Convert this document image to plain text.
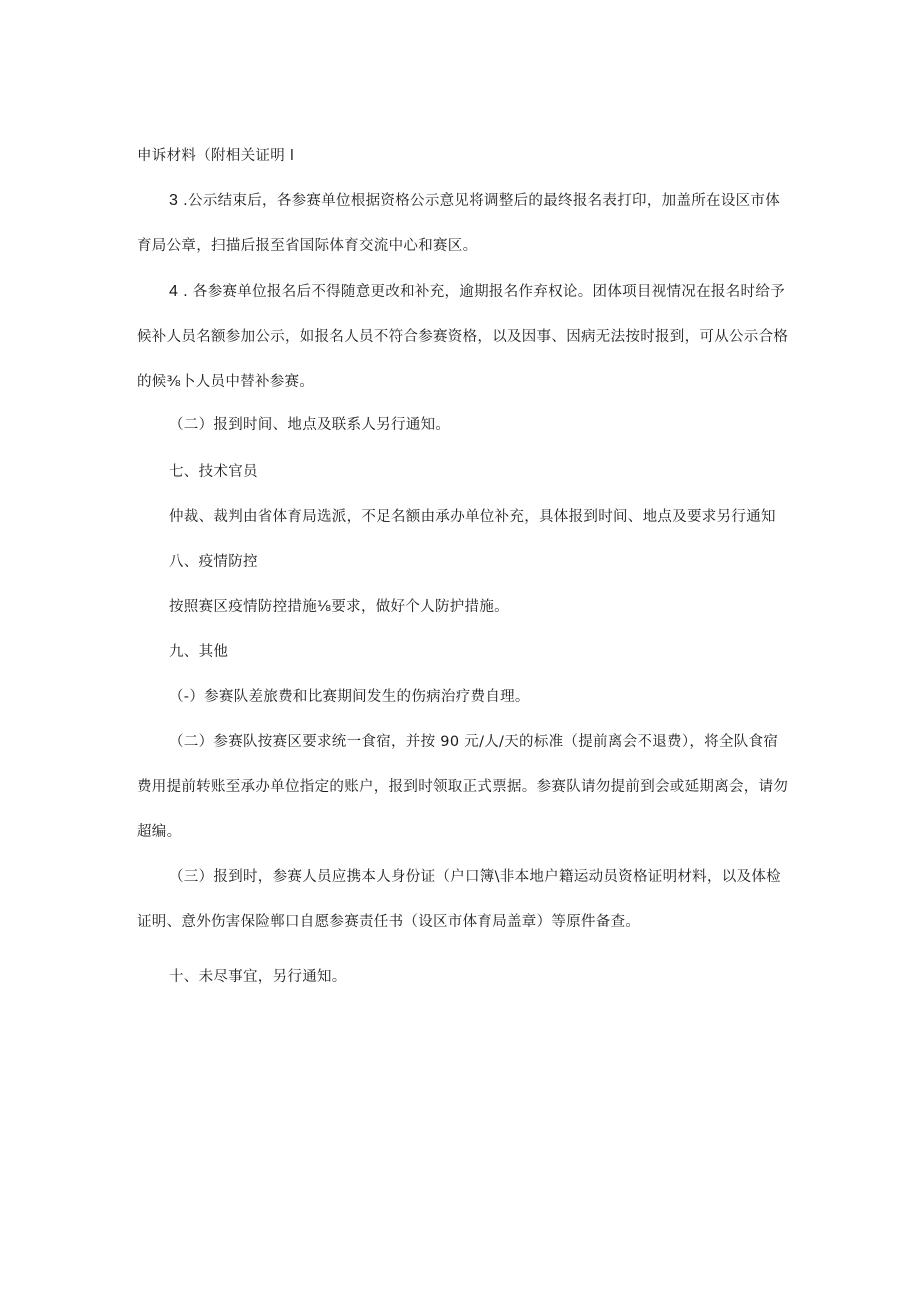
申诉材料（附相关证明 l
3 .公示结束后，各参赛单位根据资格公示意见将调整后的最终报名表打印，加盖所在设区市体
育局公章，扫描后报至省国际体育交流中心和赛区。
4 . 各参赛单位报名后不得随意更改和补充，逾期报名作弃权论。团体项目视情况在报名时给予
候补人员名额参加公示，如报名人员不符合参赛资格，以及因事、因病无法按时报到，可从公示合格
的候⅜卜人员中替补参赛。
（二）报到时间、地点及联系人另行通知。
七、技术官员
仲裁、裁判由省体育局选派，不足名额由承办单位补充，具体报到时间、地点及要求另行通知
八、疫情防控
按照赛区疫情防控措施⅛要求，做好个人防护措施。
九、其他
（-）参赛队差旅费和比赛期间发生的伤病治疗费自理。
（二）参赛队按赛区要求统一食宿，并按 90 元/人/天的标准（提前离会不退费），将全队食宿
费用提前转账至承办单位指定的账户，报到时领取正式票据。参赛队请勿提前到会或延期离会，请勿
超编。
（三）报到时，参赛人员应携本人身份证（户口簿\非本地户籍运动员资格证明材料，以及体检
证明、意外伤害保险郸口自愿参赛责任书（设区市体育局盖章）等原件备查。
十、未尽事宜，另行通知。
